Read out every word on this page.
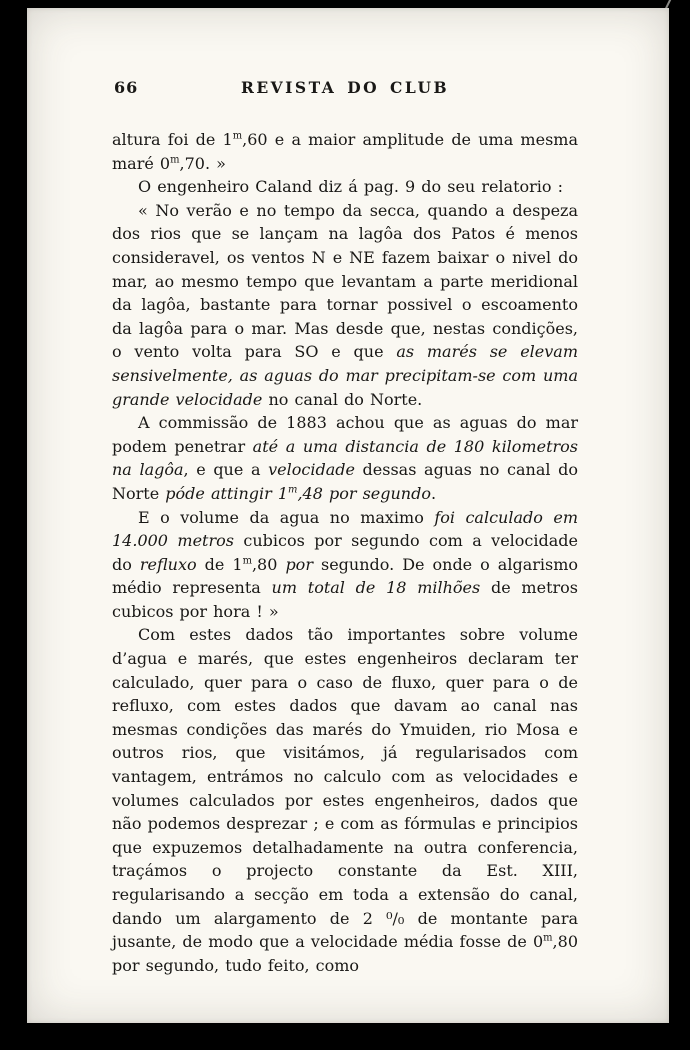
66	REVISTA DO CLUB

altura foi de 1$^m$,60 e a maior amplitude de uma mesma maré 0$^m$,70. »

O engenheiro Caland diz á pag. 9 do seu relatorio :

« No verão e no tempo da secca, quando a despeza dos rios que se lançam na lagôa dos Patos é menos consideravel, os ventos N e NE fazem baixar o nivel do mar, ao mesmo tempo que levantam a parte meridional da lagôa, bastante para tornar possivel o escoamento da lagôa para o mar. Mas desde que, nestas condições, o vento volta para SO e que as marés se elevam sensivelmente, as aguas do mar precipitam-se com uma grande velocidade no canal do Norte.

A commissão de 1883 achou que as aguas do mar podem penetrar até a uma distancia de 180 kilometros na lagôa, e que a velocidade dessas aguas no canal do Norte póde attingir 1$^m$,48 por segundo.

E o volume da agua no maximo foi calculado em 14.000 metros cubicos por segundo com a velocidade do refluxo de 1$^m$,80 por segundo. De onde o algarismo médio representa um total de 18 milhões de metros cubicos por hora ! »

Com estes dados tão importantes sobre volume d’agua e marés, que estes engenheiros declaram ter calculado, quer para o caso de fluxo, quer para o de refluxo, com estes dados que davam ao canal nas mesmas condições das marés do Ymuiden, rio Mosa e outros rios, que visitámos, já regularisados com vantagem, entrámos no calculo com as velocidades e volumes calculados por estes engenheiros, dados que não podemos desprezar ; e com as fórmulas e principios que expuzemos detalhadamente na outra conferencia, traçámos o projecto constante da Est. XIII, regularisando a secção em toda a extensão do canal, dando um alargamento de 2 ⁰/₀ de montante para jusante, de modo que a velocidade média fosse de 0$^m$,80 por segundo, tudo feito, como
